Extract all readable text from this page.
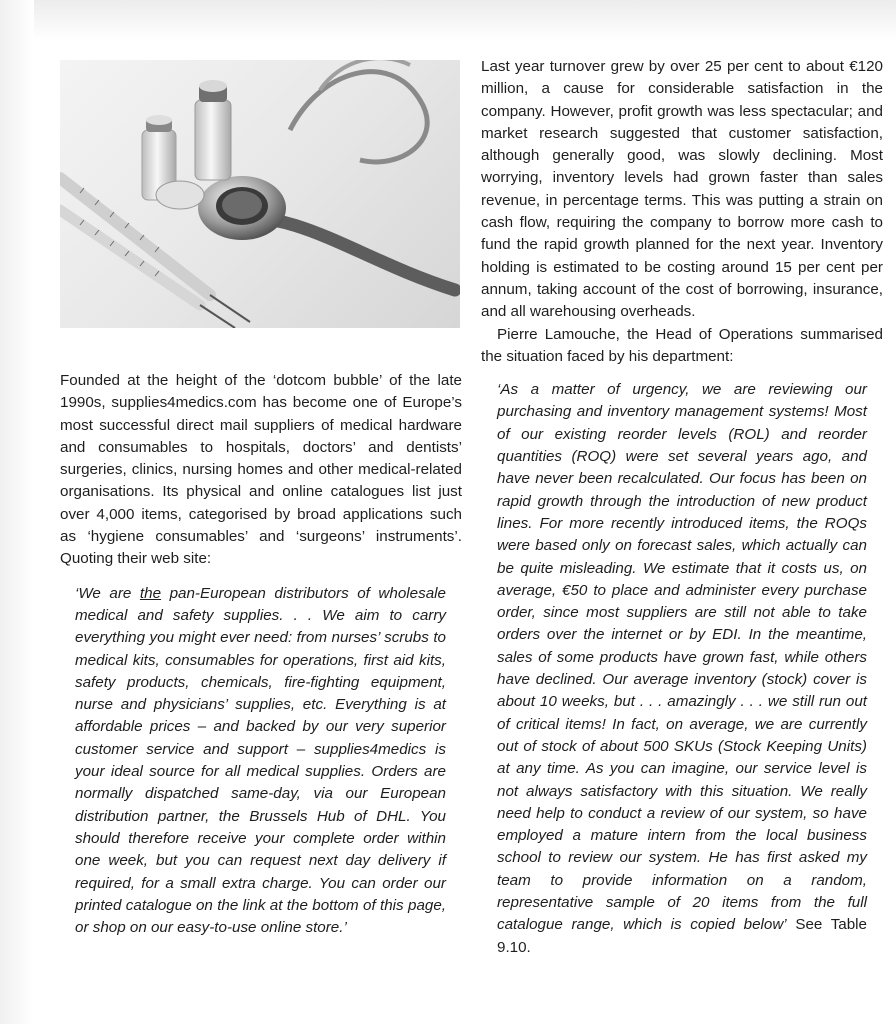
Founded at the height of the ‘dotcom bubble’ of the late 1990s, supplies4medics.com has become one of Europe’s most successful direct mail suppliers of medical hardware and consumables to hospitals, doctors’ and dentists’ surgeries, clinics, nursing homes and other medical-related organisations. Its physical and online catalogues list just over 4,000 items, categorised by broad applications such as ‘hygiene consumables’ and ‘surgeons’ instruments’. Quoting their web site:

‘We are the pan-European distributors of wholesale medical and safety supplies. . . We aim to carry everything you might ever need: from nurses’ scrubs to medical kits, consumables for operations, first aid kits, safety products, chemicals, fire-fighting equipment, nurse and physicians’ supplies, etc. Everything is at affordable prices – and backed by our very superior customer service and support – supplies4medics is your ideal source for all medical supplies. Orders are normally dispatched same-day, via our European distribution partner, the Brussels Hub of DHL. You should therefore receive your complete order within one week, but you can request next day delivery if required, for a small extra charge. You can order our printed catalogue on the link at the bottom of this page, or shop on our easy-to-use online store.’

Last year turnover grew by over 25 per cent to about €120 million, a cause for considerable satisfaction in the company. However, profit growth was less spectacular; and market research suggested that customer satisfaction, although generally good, was slowly declining. Most worrying, inventory levels had grown faster than sales revenue, in percentage terms. This was putting a strain on cash flow, requiring the company to borrow more cash to fund the rapid growth planned for the next year. Inventory holding is estimated to be costing around 15 per cent per annum, taking account of the cost of borrowing, insurance, and all warehousing overheads.

Pierre Lamouche, the Head of Operations summarised the situation faced by his department:

‘As a matter of urgency, we are reviewing our purchasing and inventory management systems! Most of our existing reorder levels (ROL) and reorder quantities (ROQ) were set several years ago, and have never been recalculated. Our focus has been on rapid growth through the introduction of new product lines. For more recently introduced items, the ROQs were based only on forecast sales, which actually can be quite misleading. We estimate that it costs us, on average, €50 to place and administer every purchase order, since most suppliers are still not able to take orders over the internet or by EDI. In the meantime, sales of some products have grown fast, while others have declined. Our average inventory (stock) cover is about 10 weeks, but . . . amazingly . . . we still run out of critical items! In fact, on average, we are currently out of stock of about 500 SKUs (Stock Keeping Units) at any time. As you can imagine, our service level is not always satisfactory with this situation. We really need help to conduct a review of our system, so have employed a mature intern from the local business school to review our system. He has first asked my team to provide information on a random, representative sample of 20 items from the full catalogue range, which is copied below’ See Table 9.10.
